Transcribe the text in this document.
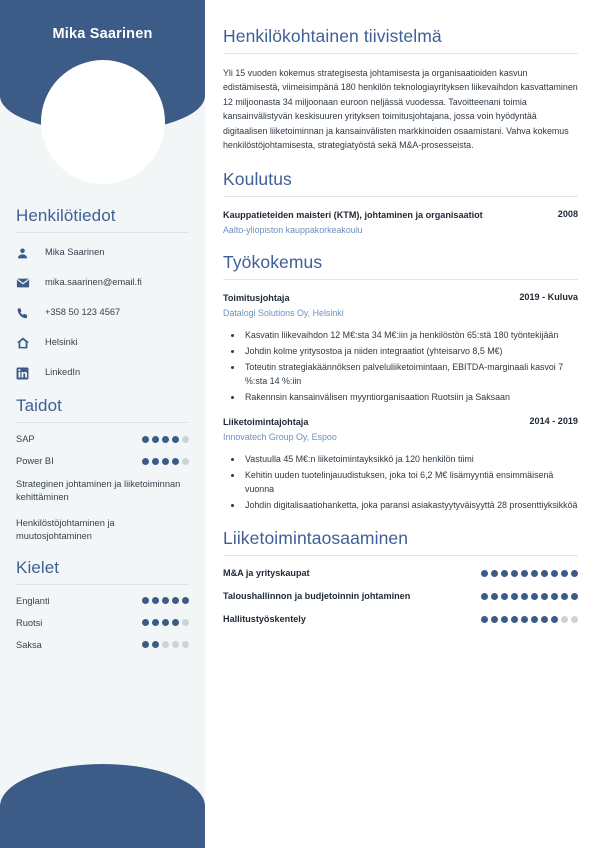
Mika Saarinen
Henkilötiedot
Mika Saarinen
mika.saarinen@email.fi
+358 50 123 4567
Helsinki
LinkedIn
Taidot
SAP
Power BI
Strateginen johtaminen ja liiketoiminnan kehittäminen
Henkilöstöjohtaminen ja muutosjohtaminen
Kielet
Englanti
Ruotsi
Saksa
Henkilökohtainen tiivistelmä

Yli 15 vuoden kokemus strategisesta johtamisesta ja organisaatioiden kasvun edistämisestä, viimeisimpänä 180 henkilön teknologiayrityksen liikevaihdon kasvattaminen 12 miljoonasta 34 miljoonaan euroon neljässä vuodessa. Tavoitteenani toimia kansainvälistyvän keskisuuren yrityksen toimitusjohtajana, jossa voin hyödyntää digitaalisen liiketoiminnan ja kansainvälisten markkinoiden osaamistani. Vahva kokemus henkilöstöjohtamisesta, strategiatyöstä sekä M&A-prosesseista.

Koulutus
Kauppatieteiden maisteri (KTM), johtaminen ja organisaatiot	2008
Aalto-yliopiston kauppakorkeakoulu
Työkokemus
Toimitusjohtaja	2019 - Kuluva
Datalogi Solutions Oy, Helsinki
• Kasvatin liikevaihdon 12 M€:sta 34 M€:iin ja henkilöstön 65:stä 180 työntekijään
• Johdin kolme yritysostoa ja niiden integraatiot (yhteisarvo 8,5 M€)
• Toteutin strategiakäännöksen palveluliiketoimintaan, EBITDA-marginaali kasvoi 7 %:sta 14 %:iin
• Rakennsin kansainvälisen myyntiorganisaation Ruotsiin ja Saksaan
Liiketoimintajohtaja	2014 - 2019
Innovatech Group Oy, Espoo
• Vastuulla 45 M€:n liiketoimintayksikkö ja 120 henkilön tiimi
• Kehitin uuden tuotelinjauudistuksen, joka toi 6,2 M€ lisämyyntiä ensimmäisenä vuonna
• Johdin digitalisaatiohanketta, joka paransi asiakastyytyväisyyttä 28 prosenttiyksikköä
Liiketoimintaosaaminen
M&A ja yrityskaupat
Taloushallinnon ja budjetoinnin johtaminen
Hallitustyöskentely
